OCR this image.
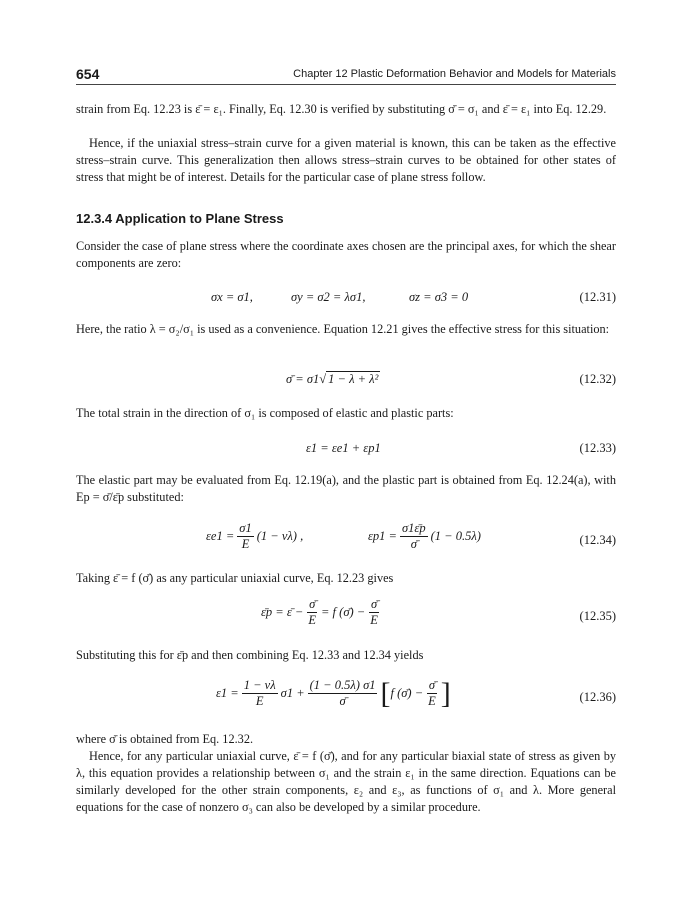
654	Chapter 12 Plastic Deformation Behavior and Models for Materials
strain from Eq. 12.23 is ε̄ = ε₁. Finally, Eq. 12.30 is verified by substituting σ̄ = σ₁ and ε̄ = ε₁ into Eq. 12.29.
Hence, if the uniaxial stress–strain curve for a given material is known, this can be taken as the effective stress–strain curve. This generalization then allows stress–strain curves to be obtained for other states of stress that might be of interest. Details for the particular case of plane stress follow.
12.3.4 Application to Plane Stress
Consider the case of plane stress where the coordinate axes chosen are the principal axes, for which the shear components are zero:
σx = σ1,	σy = σ2 = λσ1,	σz = σ3 = 0	(12.31)
Here, the ratio λ = σ₂/σ₁ is used as a convenience. Equation 12.21 gives the effective stress for this situation:
σ̄ = σ1 √ 1 − λ + λ²	(12.32)
The total strain in the direction of σ₁ is composed of elastic and plastic parts:
ε1 = εe1 + εp1	(12.33)
The elastic part may be evaluated from Eq. 12.19(a), and the plastic part is obtained from Eq. 12.24(a), with Ep = σ̄/ε̄p substituted:
$\varepsilon e1 = \frac{\sigma 1}{E} (1 - \nu\lambda)$ ,	$\varepsilon p1 = \frac{\sigma 1\varepsilon̄p}{\sigmā} (1 - 0.5\lambda)$	(12.34)
Taking ε̄ = f (σ̄) as any particular uniaxial curve, Eq. 12.23 gives
ε̄p = ε̄ − $\frac{\sigmā}{E} = f$ (σ̄) − $\frac{\sigmā}{E}$	(12.35)
Substituting this for ε̄p and then combining Eq. 12.33 and 12.34 yields
$\varepsilon 1 = \frac{1 - \nu\lambda}{E} \sigma 1 + \frac{(1 - 0.5\lambda) \sigma 1}{\sigmā}$ [ f (σ̄) − $\frac{\sigmā}{E}$ ]	(12.36)
where σ̄ is obtained from Eq. 12.32.
Hence, for any particular uniaxial curve, ε̄ = f (σ̄), and for any particular biaxial state of stress as given by λ, this equation provides a relationship between σ₁ and the strain ε₁ in the same direction. Equations can be similarly developed for the other strain components, ε₂ and ε₃, as functions of σ₁ and λ. More general equations for the case of nonzero σ₃ can also be developed by a similar procedure.
